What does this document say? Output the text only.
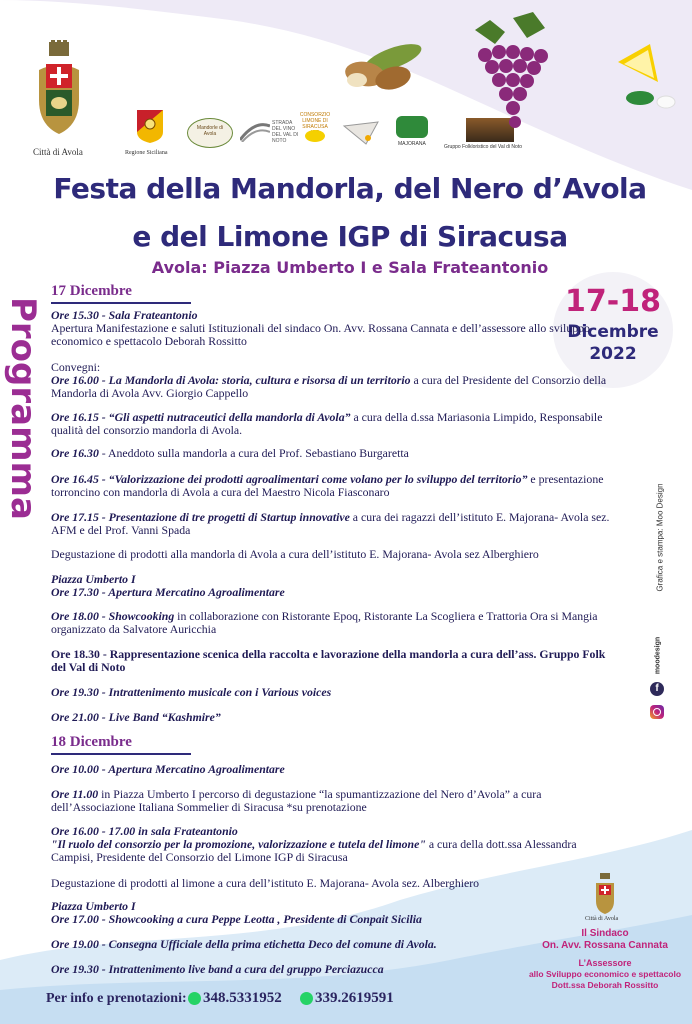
Città di Avola	Regione Siciliana
Mandorle di Avola
STRADA DEL VINO DEL VAL DI NOTO
CONSORZIO LIMONE DI SIRACUSA
MAJORANA	Gruppo Folkloristico del Val di Noto
Festa della Mandorla, del Nero d’Avola
e del Limone IGP di Siracusa
Avola: Piazza Umberto I e Sala Frateantonio
Programma	17-18
Dicembre
2022
17 Dicembre
Ore 15.30 - Sala Frateantonio
Apertura Manifestazione e saluti Istituzionali del sindaco On. Avv. Rossana Cannata e dell’assessore allo sviluppo economico e spettacolo Deborah Rossitto
Convegni:
Ore 16.00 - La Mandorla di Avola: storia, cultura e risorsa di un territorio a cura del Presidente del Consorzio della Mandorla di Avola Avv. Giorgio Cappello
Ore 16.15 - “Gli aspetti nutraceutici della mandorla di Avola” a cura della d.ssa Mariasonia Limpido, Responsabile qualità del consorzio mandorla di Avola.
Ore 16.30 - Aneddoto sulla mandorla a cura del Prof. Sebastiano Burgaretta
Ore 16.45 - “Valorizzazione dei prodotti agroalimentari come volano per lo sviluppo del territorio” e presentazione torroncino con mandorla di Avola a cura del Maestro Nicola Fiasconaro
Ore 17.15 - Presentazione di tre progetti di Startup innovative a cura dei ragazzi dell’istituto E. Majorana- Avola sez. AFM e del Prof. Vanni Spada
Degustazione di prodotti alla mandorla di Avola a cura dell’istituto E. Majorana- Avola sez Alberghiero
Piazza Umberto I
Ore 17.30 - Apertura Mercatino Agroalimentare
Ore 18.00 - Showcooking in collaborazione con Ristorante Epoq, Ristorante La Scogliera e Trattoria Ora si Mangia organizzato da Salvatore Auricchia
Ore 18.30 - Rappresentazione scenica della raccolta e lavorazione della mandorla a cura dell’ass. Gruppo Folk del Val di Noto
Ore 19.30 - Intrattenimento musicale con i Various voices
Ore 21.00 - Live Band “Kashmire”
18 Dicembre
Ore 10.00 - Apertura Mercatino Agroalimentare
Ore 11.00 in Piazza Umberto I percorso di degustazione “la spumantizzazione del Nero d’Avola” a cura dell’Associazione Italiana Sommelier di Siracusa *su prenotazione
Ore 16.00 - 17.00 in sala Frateantonio
"Il ruolo del consorzio per la promozione, valorizzazione e tutela del limone" a cura della dott.ssa Alessandra Campisi, Presidente del Consorzio del Limone IGP di Siracusa
Degustazione di prodotti al limone a cura dell’istituto E. Majorana- Avola sez. Alberghiero
Piazza Umberto I
Ore 17.00 - Showcooking a cura Peppe Leotta , Presidente di Conpait Sicilia
Ore 19.00 - Consegna Ufficiale della prima etichetta Deco del comune di Avola.
Ore 19.30 - Intrattenimento live band a cura del gruppo Perciazucca
Grafica e stampa: Moo Design
moodesign
f
Per info e prenotazioni: 348.5331952 339.2619591
Città di Avola
Il Sindaco
On. Avv. Rossana Cannata
L’Assessore
allo Sviluppo economico e spettacolo
Dott.ssa Deborah Rossitto
